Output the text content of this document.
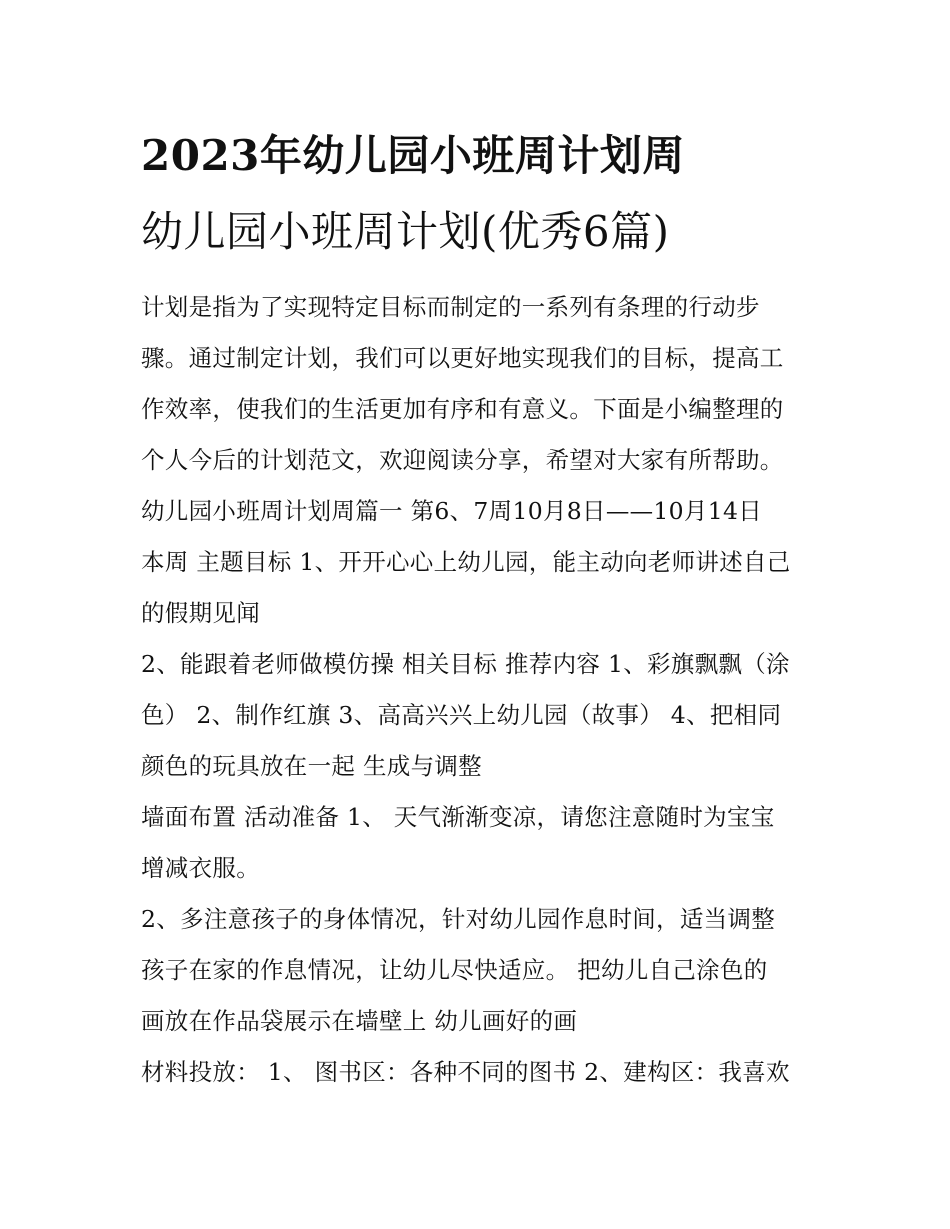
2023年幼儿园小班周计划周
幼儿园小班周计划(优秀6篇)
计划是指为了实现特定目标而制定的一系列有条理的行动步
骤。通过制定计划，我们可以更好地实现我们的目标，提高工
作效率，使我们的生活更加有序和有意义。下面是小编整理的
个人今后的计划范文，欢迎阅读分享，希望对大家有所帮助。
幼儿园小班周计划周篇一 第6、7周10月8日——10月14日
本周 主题目标 1、开开心心上幼儿园，能主动向老师讲述自己
的假期见闻
2、能跟着老师做模仿操 相关目标 推荐内容 1、彩旗飘飘（涂
色） 2、制作红旗 3、高高兴兴上幼儿园（故事） 4、把相同
颜色的玩具放在一起 生成与调整
墙面布置 活动准备 1、 天气渐渐变凉，请您注意随时为宝宝
增减衣服。
2、多注意孩子的身体情况，针对幼儿园作息时间，适当调整
孩子在家的作息情况，让幼儿尽快适应。 把幼儿自己涂色的
画放在作品袋展示在墙壁上 幼儿画好的画
材料投放： 1、 图书区：各种不同的图书 2、建构区：我喜欢
